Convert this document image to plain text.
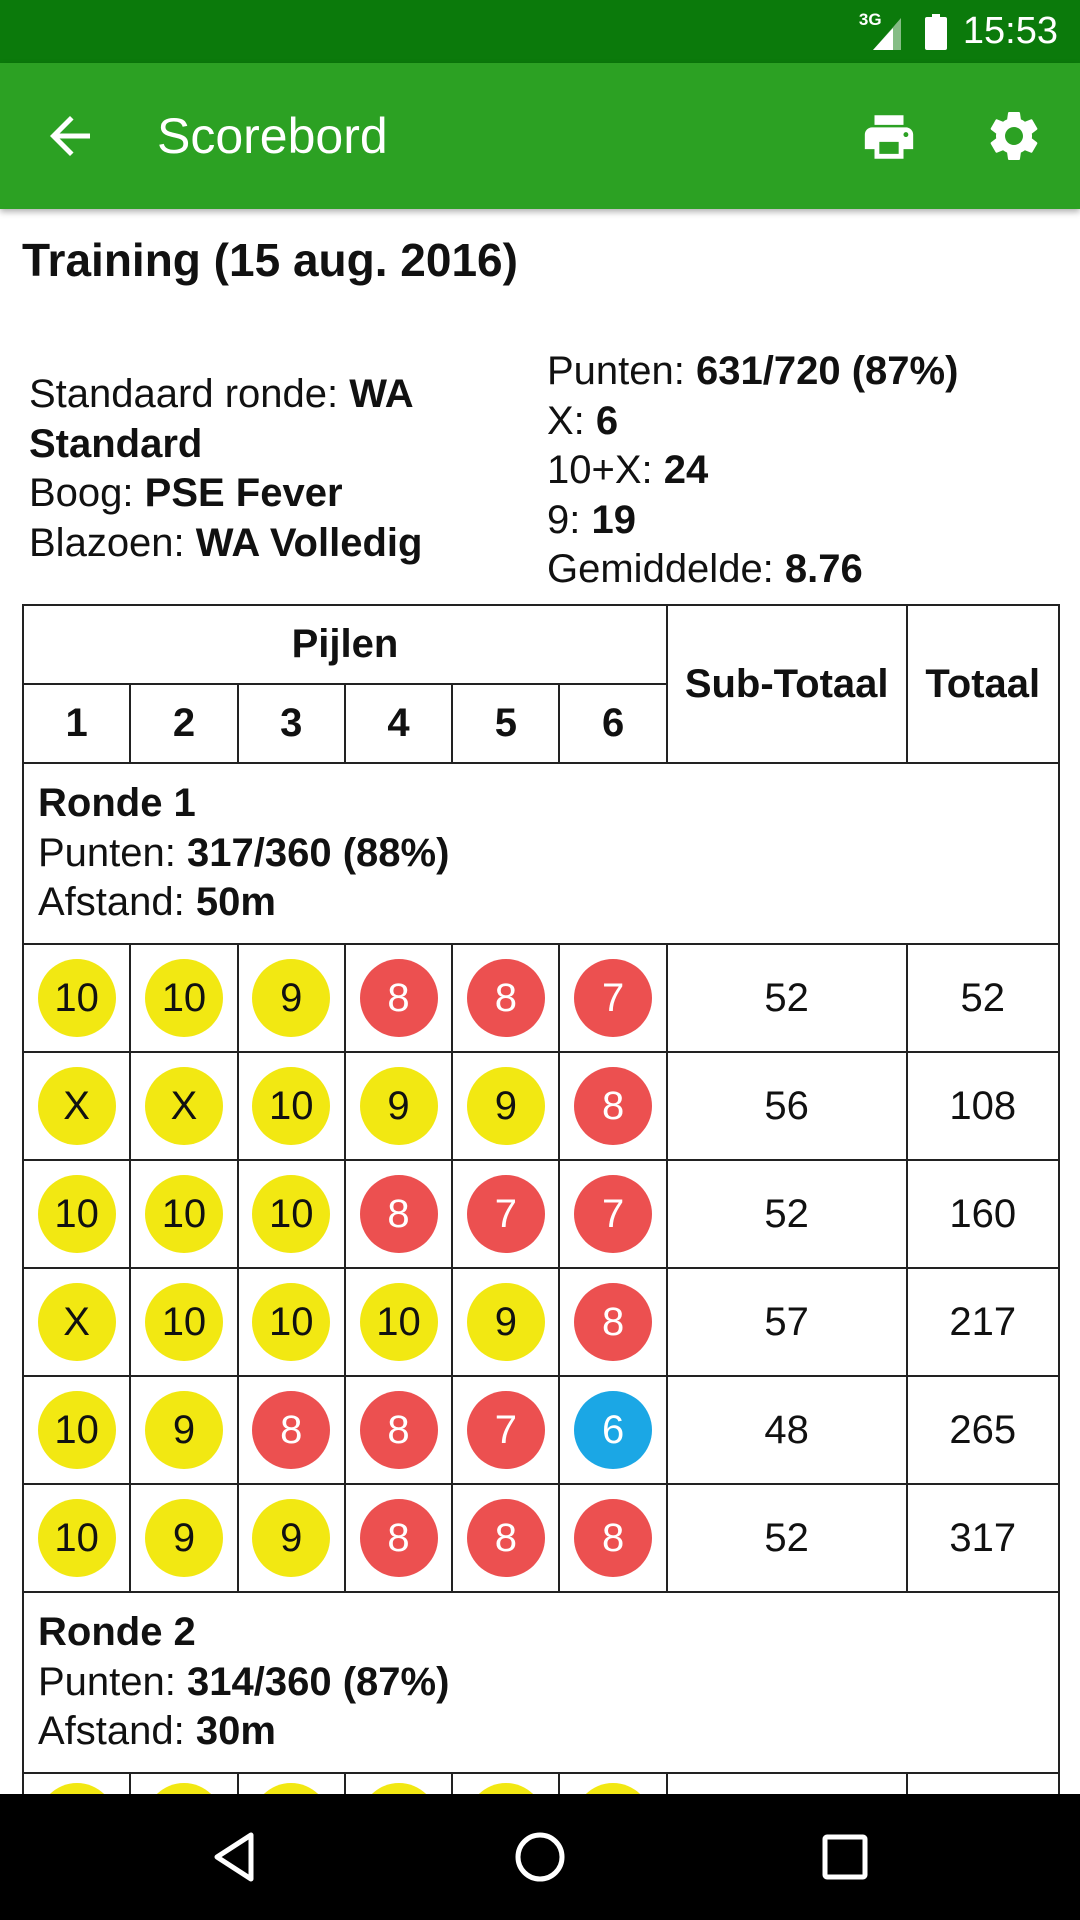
3G 15:53
Scorebord
Training (15 aug. 2016)
Standaard ronde: WA Standard
Boog: PSE Fever
Blazoen: WA Volledig
Punten: 631/720 (87%)
X: 6
10+X: 24
9: 19
Gemiddelde: 8.76
Pijlen						Sub-Totaal	Totaal
1	2	3	4	5	6		

Ronde 1
Punten: 317/360 (88%)
Afstand: 50m							

10	10	9	8	8	7	52	52
X	X	10	9	9	8	56	108
10	10	10	8	7	7	52	160
X	10	10	10	9	8	57	217
10	9	8	8	7	6	48	265
10	9	9	8	8	8	52	317

Ronde 2
Punten: 314/360 (87%)
Afstand: 30m							
